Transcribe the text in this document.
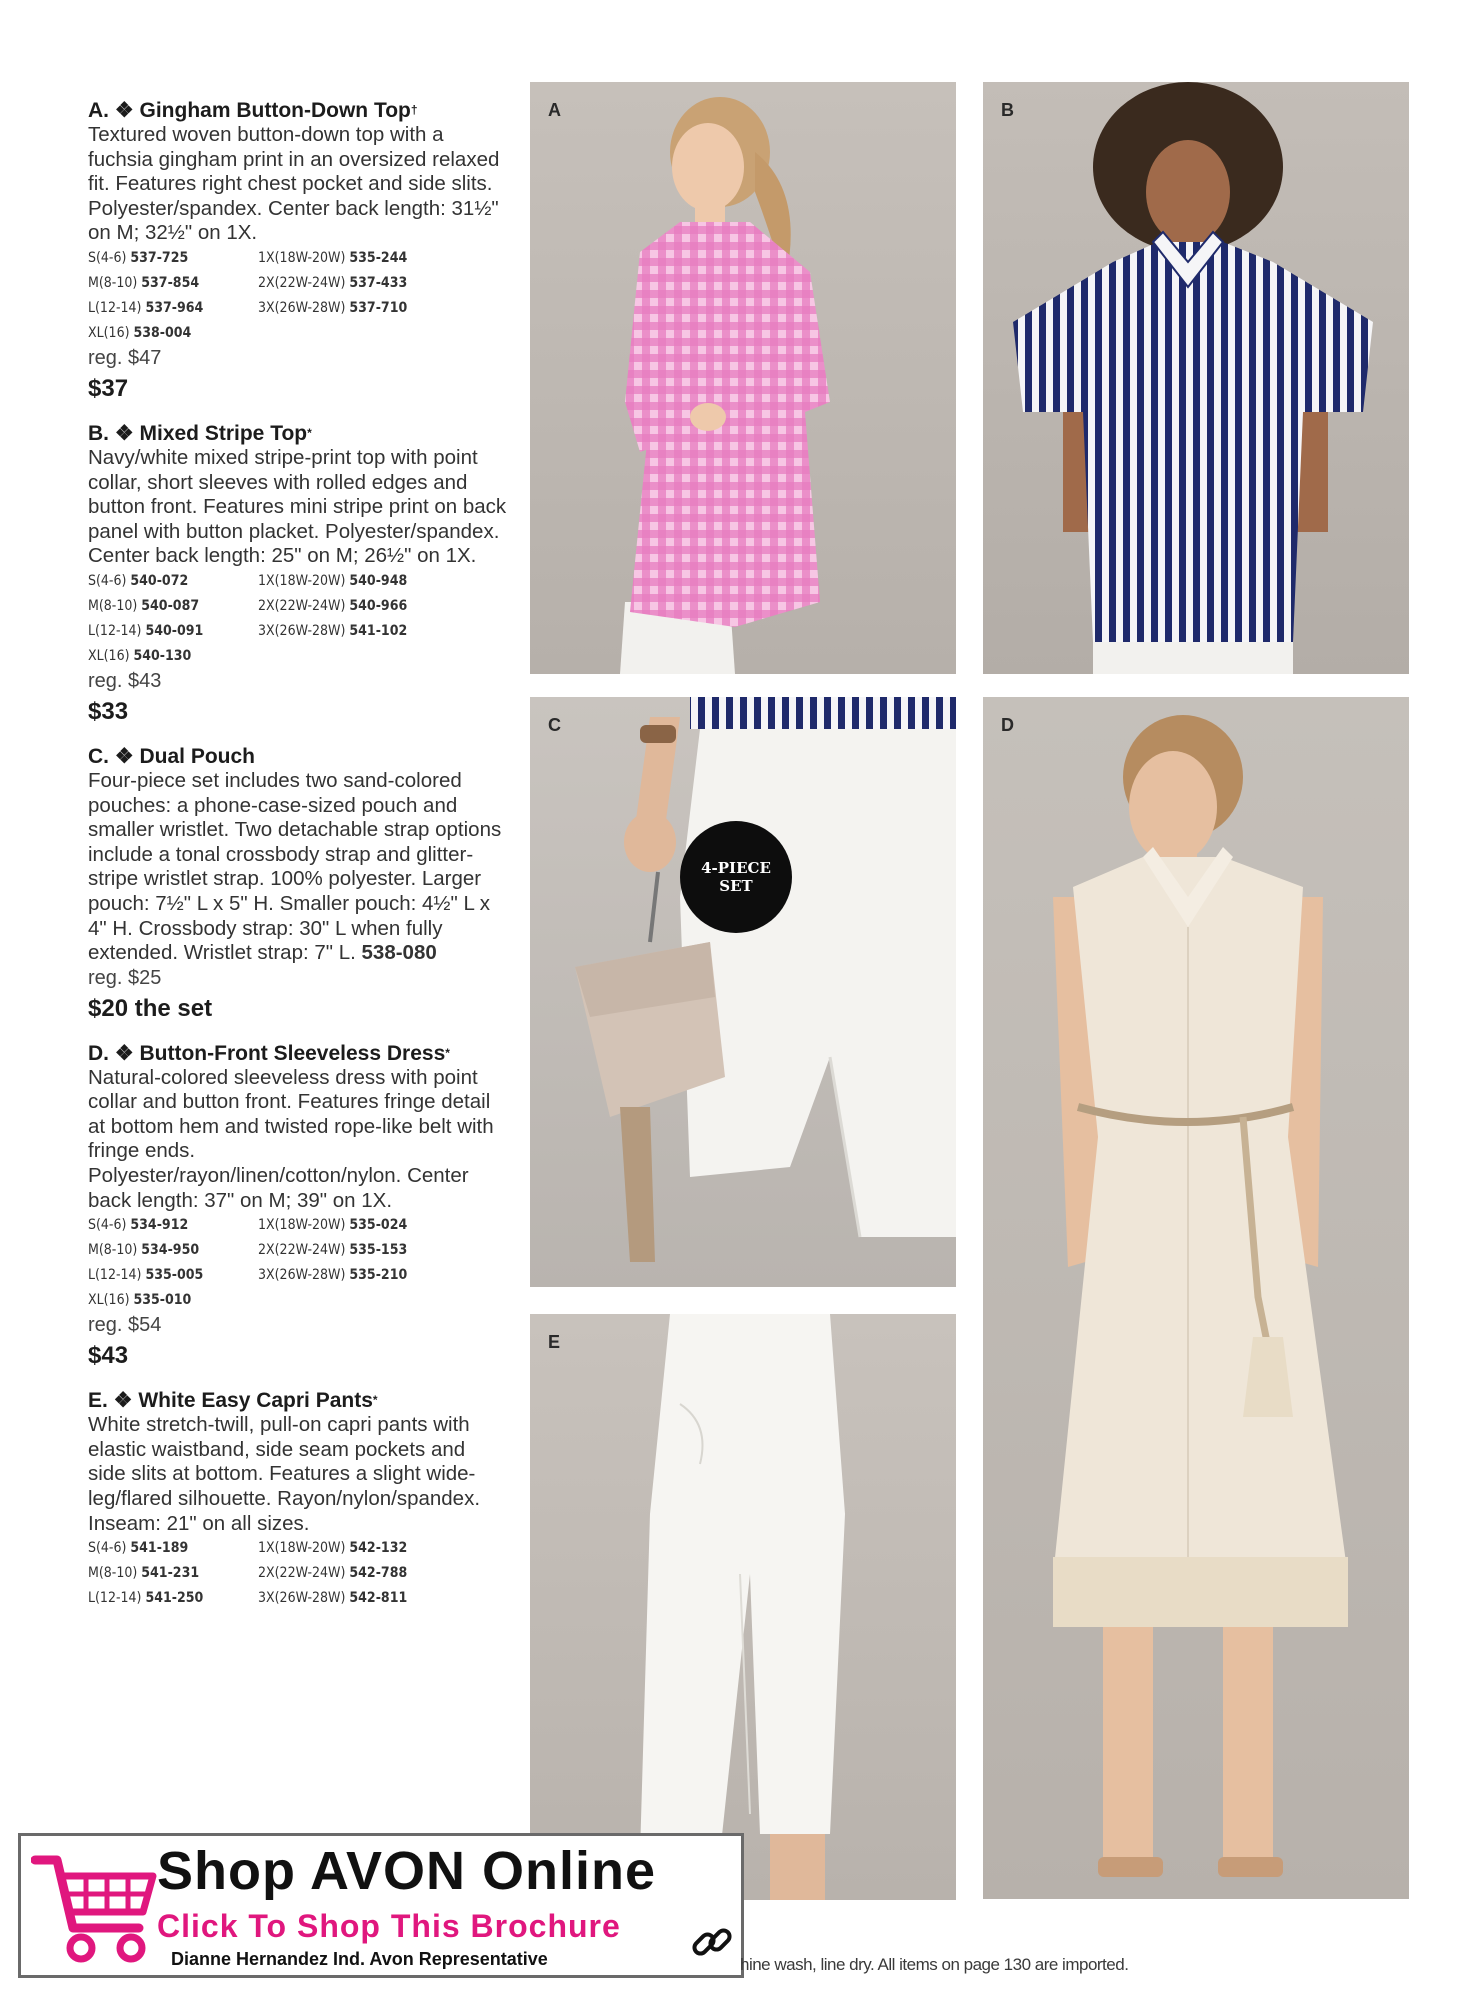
A. ❖ Gingham Button-Down Top†

Textured woven button-down top with a fuchsia gingham print in an oversized relaxed fit. Features right chest pocket and side slits. Polyester/spandex. Center back length: 31½" on M; 32½" on 1X.

S(4-6) 537-725	1X(18W-20W) 535-244
M(8-10) 537-854	2X(22W-24W) 537-433
L(12-14) 537-964	3X(26W-28W) 537-710
XL(16) 538-004
reg. $47
$37
B. ❖ Mixed Stripe Top*

Navy/white mixed stripe-print top with point collar, short sleeves with rolled edges and button front. Features mini stripe print on back panel with button placket. Polyester/spandex. Center back length: 25" on M; 26½" on 1X.

S(4-6) 540-072	1X(18W-20W) 540-948
M(8-10) 540-087	2X(22W-24W) 540-966
L(12-14) 540-091	3X(26W-28W) 541-102
XL(16) 540-130
reg. $43
$33
C. ❖ Dual Pouch

Four-piece set includes two sand-colored pouches: a phone-case-sized pouch and smaller wristlet. Two detachable strap options include a tonal crossbody strap and glitter-stripe wristlet strap. 100% polyester. Larger pouch: 7½" L x 5" H. Smaller pouch: 4½" L x 4" H. Crossbody strap: 30" L when fully extended. Wristlet strap: 7" L. 538-080

reg. $25
$20 the set
D. ❖ Button-Front Sleeveless Dress*

Natural-colored sleeveless dress with point collar and button front. Features fringe detail at bottom hem and twisted rope-like belt with fringe ends. Polyester/rayon/linen/cotton/nylon. Center back length: 37" on M; 39" on 1X.

S(4-6) 534-912	1X(18W-20W) 535-024
M(8-10) 534-950	2X(22W-24W) 535-153
L(12-14) 535-005	3X(26W-28W) 535-210
XL(16) 535-010
reg. $54
$43
E. ❖ White Easy Capri Pants*

White stretch-twill, pull-on capri pants with elastic waistband, side seam pockets and side slits at bottom. Features a slight wide-leg/flared silhouette. Rayon/nylon/spandex. Inseam: 21" on all sizes.

S(4-6) 541-189	1X(18W-20W) 542-132
M(8-10) 541-231	2X(22W-24W) 542-788
L(12-14) 541-250	3X(26W-28W) 542-811
A	B
C
4-PIECE
SET
D
E
Shop AVON Online
Click To Shop This Brochure
Dianne Hernandez Ind. Avon Representative	hine wash, line dry. All items on page 130 are imported.
